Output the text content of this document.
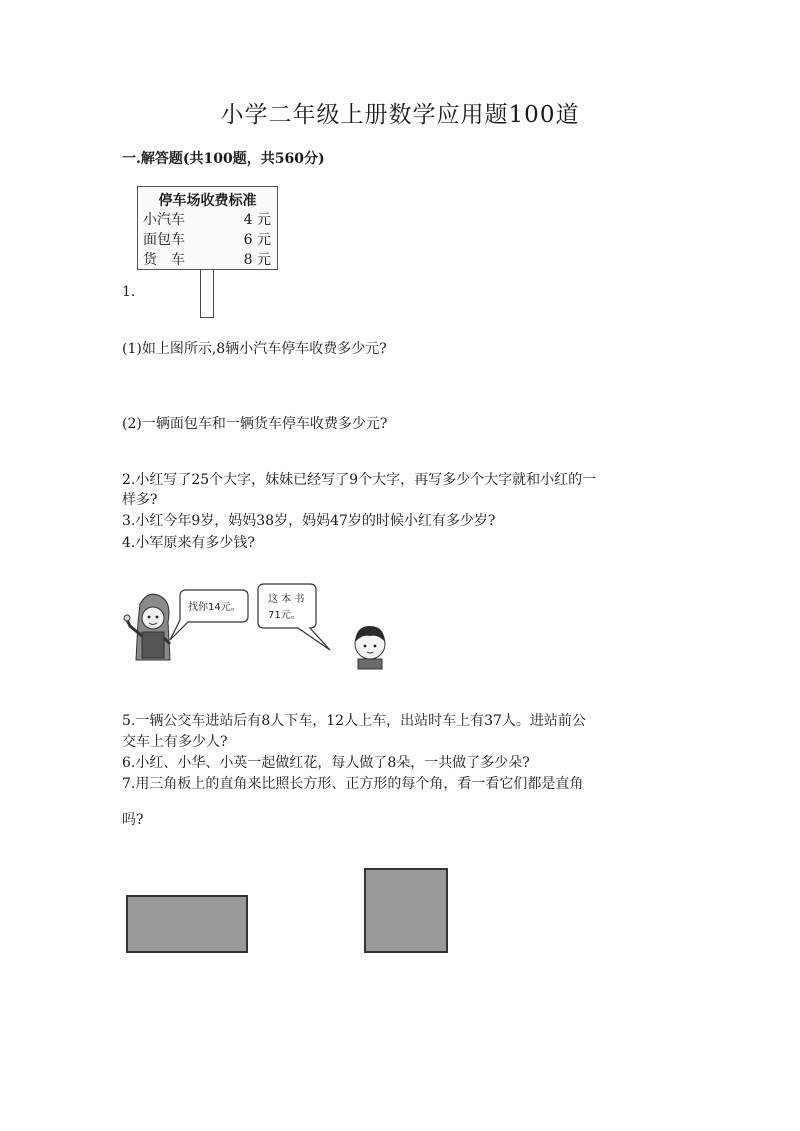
小学二年级上册数学应用题100道
一.解答题(共100题，共560分)
停车场收费标准
小汽车	4 元
面包车	6 元
货　车	8 元
1.
(1)如上图所示,8辆小汽车停车收费多少元?
(2)一辆面包车和一辆货车停车收费多少元?
2.小红写了25个大字，妹妹已经写了9个大字，再写多少个大字就和小红的一
样多?
3.小红今年9岁，妈妈38岁，妈妈47岁的时候小红有多少岁?
4.小军原来有多少钱?
找你14元。
这 本 书
71元。
5.一辆公交车进站后有8人下车，12人上车，出站时车上有37人。进站前公
交车上有多少人?
6.小红、小华、小英一起做红花，每人做了8朵，一共做了多少朵?
7.用三角板上的直角来比照长方形、正方形的每个角，看一看它们都是直角
吗?
